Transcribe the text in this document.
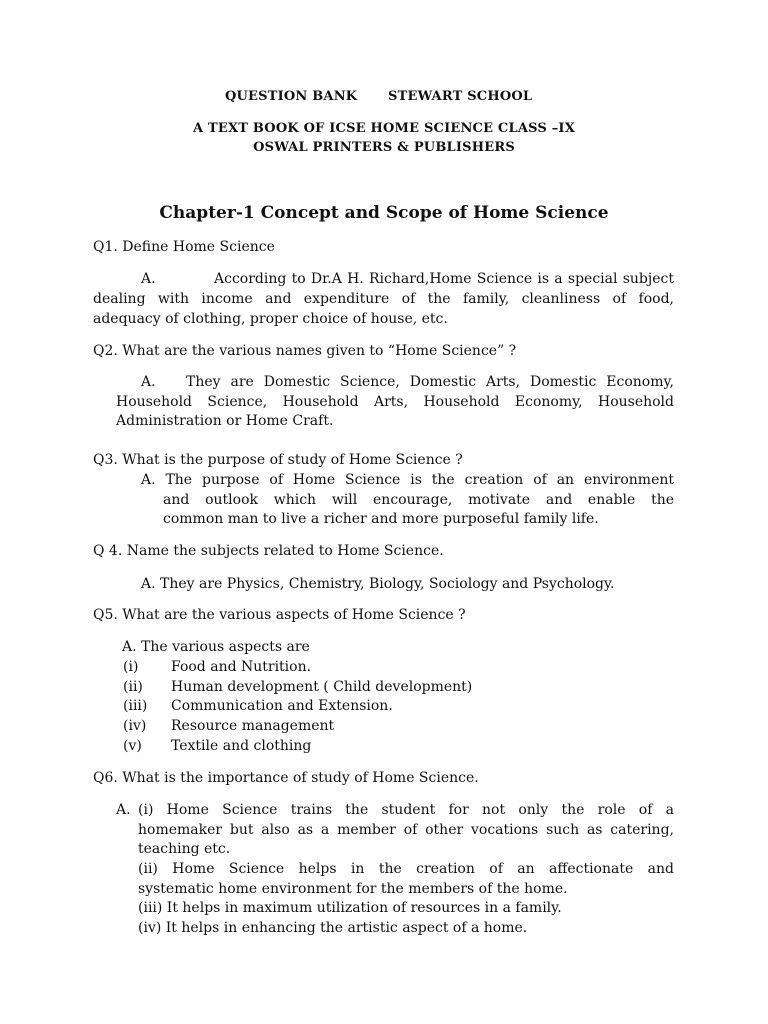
QUESTION BANK STEWART SCHOOL
A TEXT BOOK OF ICSE HOME SCIENCE CLASS –IX
OSWAL PRINTERS & PUBLISHERS
Chapter-1 Concept and Scope of Home Science
Q1. Define Home Science
A.	According to Dr.A H. Richard,Home Science is a special subject
dealing with income and expenditure of the family, cleanliness of food,
adequacy of clothing, proper choice of house, etc.
Q2. What are the various names given to “Home Science” ?
A. They are Domestic Science, Domestic Arts, Domestic Economy,
Household Science, Household Arts, Household Economy, Household
Administration or Home Craft.
Q3. What is the purpose of study of Home Science ?
A. The purpose of Home Science is the creation of an environment
and outlook which will encourage, motivate and enable the
common man to live a richer and more purposeful family life.
Q 4. Name the subjects related to Home Science.
A. They are Physics, Chemistry, Biology, Sociology and Psychology.
Q5. What are the various aspects of Home Science ?
A. The various aspects are
(i) Food and Nutrition.
(ii) Human development ( Child development)
(iii) Communication and Extension.
(iv) Resource management
(v) Textile and clothing
Q6. What is the importance of study of Home Science.
A. (i) Home Science trains the student for not only the role of a
homemaker but also as a member of other vocations such as catering,
teaching etc.
(ii) Home Science helps in the creation of an affectionate and
systematic home environment for the members of the home.
(iii) It helps in maximum utilization of resources in a family.
(iv) It helps in enhancing the artistic aspect of a home.
